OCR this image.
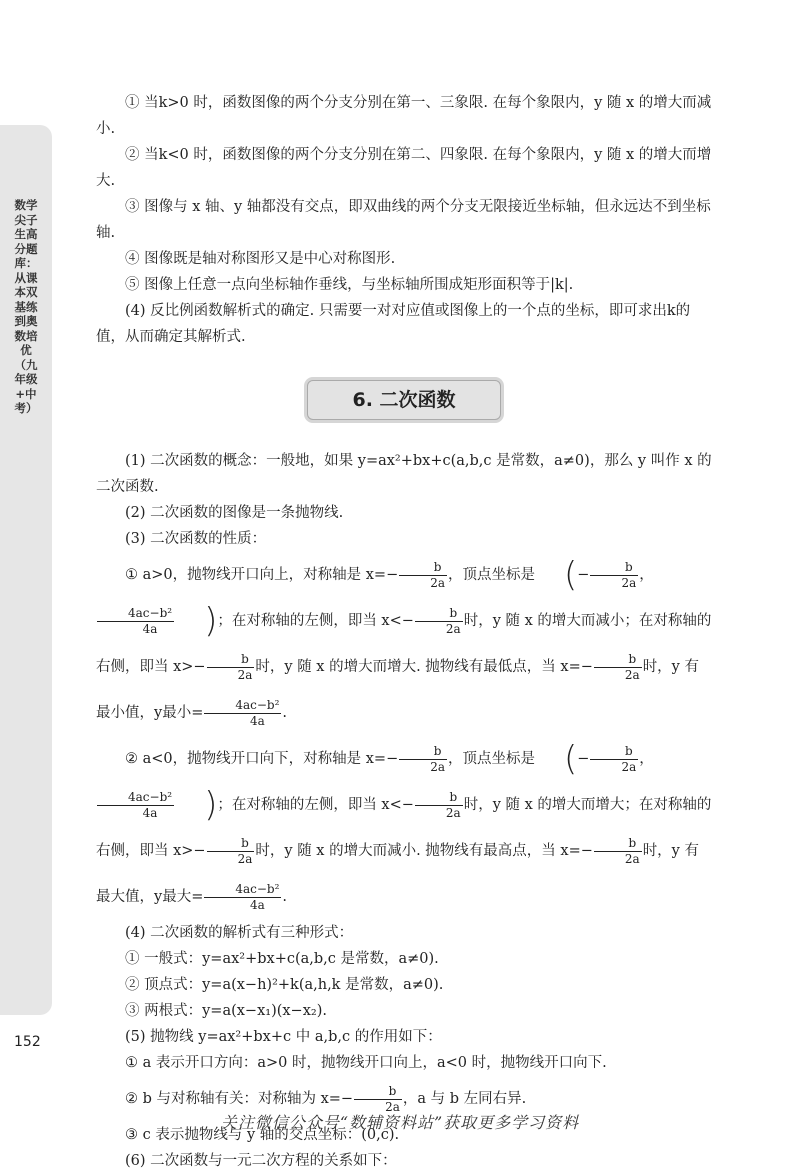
数学尖子生高分题库：从课本双基练到奥数培优（九年级+中考）
152

① 当k>0 时，函数图像的两个分支分别在第一、三象限. 在每个象限内，y 随 x 的增大而减小.

② 当k<0 时，函数图像的两个分支分别在第二、四象限. 在每个象限内，y 随 x 的增大而增大.

③ 图像与 x 轴、y 轴都没有交点，即双曲线的两个分支无限接近坐标轴，但永远达不到坐标轴.

④ 图像既是轴对称图形又是中心对称图形.

⑤ 图像上任意一点向坐标轴作垂线，与坐标轴所围成矩形面积等于|k|.

(4) 反比例函数解析式的确定. 只需要一对对应值或图像上的一个点的坐标，即可求出k的值，从而确定其解析式.

6. 二次函数

(1) 二次函数的概念：一般地，如果 y=ax²+bx+c(a,b,c 是常数，a≠0)，那么 y 叫作 x 的二次函数.

(2) 二次函数的图像是一条抛物线.

(3) 二次函数的性质：

① a>0，抛物线开口向上，对称轴是 $x=- \frac{b}{2a}$ ，顶点坐标是 (− $\frac{b}{2a}$ ，
$\frac{\text{4ac−b²}}{4a}$ )；在对称轴的左侧，即当 $x<- \frac{b}{2a}$ 时，y 随 x 的增大而减小；在对称轴的右侧，即当 $x>- \frac{b}{2a}$ 时，y 随 x 的增大而增大. 抛物线有最低点，当 $x=- \frac{b}{2a}$ 时，y 有最小值，y最小= $\frac{\text{4ac−b²}}{4a}$ .

② a<0，抛物线开口向下，对称轴是 $x=- \frac{b}{2a}$ ，顶点坐标是 (− $\frac{b}{2a}$ ，
$\frac{\text{4ac−b²}}{4a}$ )；在对称轴的左侧，即当 $x<- \frac{b}{2a}$ 时，y 随 x 的增大而增大；在对称轴的右侧，即当 $x>- \frac{b}{2a}$ 时，y 随 x 的增大而减小. 抛物线有最高点，当 $x=- \frac{b}{2a}$ 时，y 有最大值，y最大= $\frac{\text{4ac−b²}}{4a}$ .

(4) 二次函数的解析式有三种形式：

① 一般式：y=ax²+bx+c(a,b,c 是常数，a≠0).

② 顶点式：y=a(x−h)²+k(a,h,k 是常数，a≠0).

③ 两根式：y=a(x−x₁)(x−x₂).

(5) 抛物线 y=ax²+bx+c 中 a,b,c 的作用如下：

① a 表示开口方向：a>0 时，抛物线开口向上，a<0 时，抛物线开口向下.

② b 与对称轴有关：对称轴为 $x=- \frac{b}{2a}$ ，a 与 b 左同右异.

③ c 表示抛物线与 y 轴的交点坐标：(0,c).

(6) 二次函数与一元二次方程的关系如下：

关注微信公众号“数辅资料站”获取更多学习资料
